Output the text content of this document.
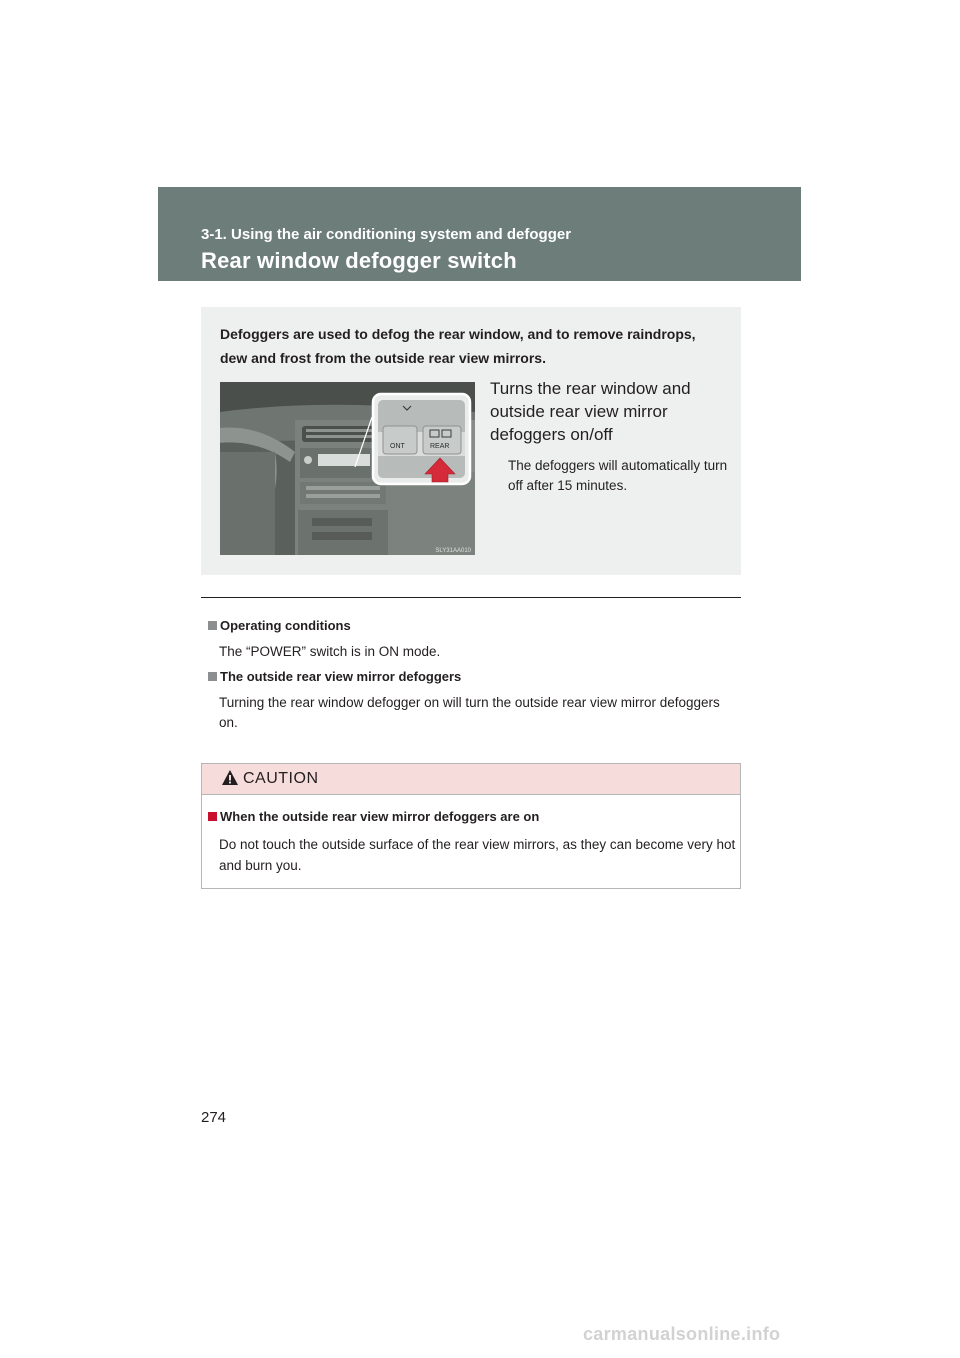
3-1. Using the air conditioning system and defogger
Rear window defogger switch
Defoggers are used to defog the rear window, and to remove raindrops, dew and frost from the outside rear view mirrors.
REAR
ONT
SLY31AA010
Turns the rear window and outside rear view mirror defoggers on/off
The defoggers will automatically turn off after 15 minutes.
Operating conditions
The “POWER” switch is in ON mode.
The outside rear view mirror defoggers
Turning the rear window defogger on will turn the outside rear view mirror defoggers on.
CAUTION
When the outside rear view mirror defoggers are on
Do not touch the outside surface of the rear view mirrors, as they can become very hot and burn you.
274
carmanualsonline.info
